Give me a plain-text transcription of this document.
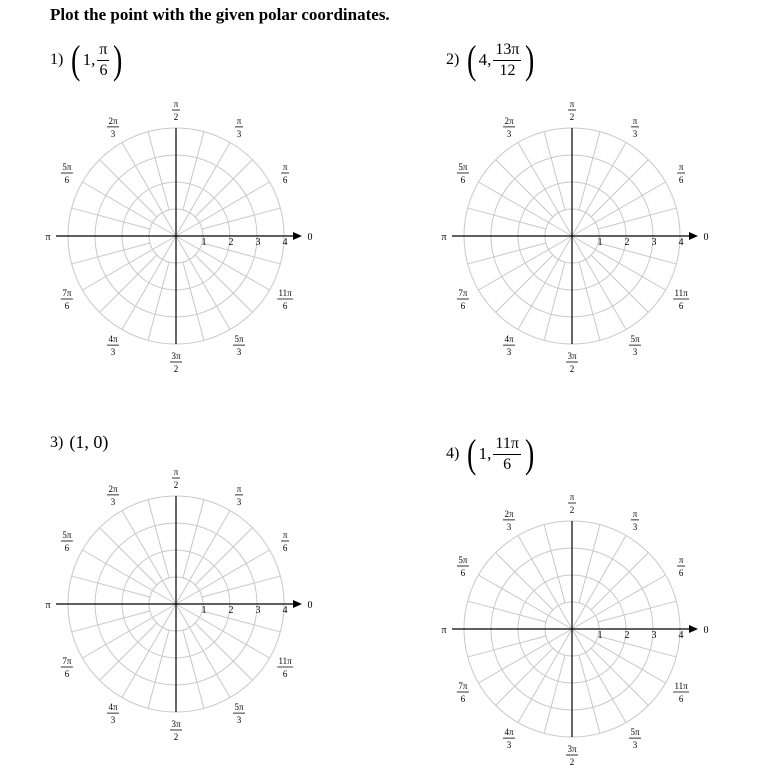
Plot the point with the given polar coordinates.
1) ( 1 , $\frac{\pi}{6}$ )	2) ( 4 , $\frac{13\pi}{12}$ )
3) (1, 0)
4) ( 1 , $\frac{11\pi}{6}$ )
1 2 3 4 0
π
π
6
π
3
π
2
2π
3
5π
6
7π
6
4π
3	3π
2
5π
3
11π
6
1 2 3 4 0
π
π
6
π
3
π
2
2π
3
5π
6
7π
6
4π
3	3π
2
5π
3
11π
6
1 2 3 4 0
π
π
6
π
3
π
2
2π
3
5π
6
7π
6
4π
3	3π
2
5π
3
11π
6
1 2 3 4 0
π
π
6
π
3
π
2
2π
3
5π
6
7π
6
4π
3	3π
2
5π
3
11π
6
